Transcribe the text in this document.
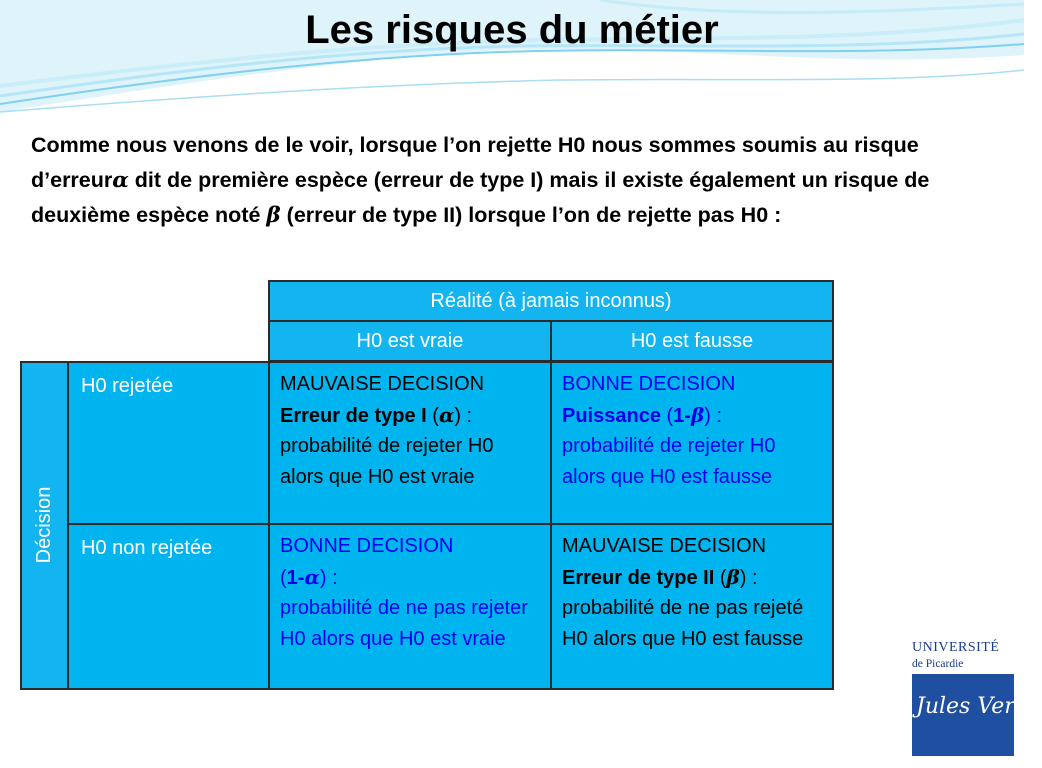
Les risques du métier
Comme nous venons de le voir, lorsque l’on rejette H0 nous sommes soumis au risque d’erreurα dit de première espèce (erreur de type I) mais il existe également un risque de deuxième espèce noté β (erreur de type II) lorsque l’on de rejette pas H0 :
Réalité (à jamais inconnus)
H0 est vraie	H0 est fausse
Décision
H0 rejetée
H0 non rejetée
MAUVAISE DECISION
Erreur de type I (α) :
probabilité de rejeter H0 alors que H0 est vraie
BONNE DECISION
Puissance (1-β) :
probabilité de rejeter H0 alors que H0 est fausse
BONNE DECISION
(1-α) :
probabilité de ne pas rejeter H0 alors que H0 est vraie
MAUVAISE DECISION
Erreur de type II (β) :
probabilité de ne pas rejeté H0 alors que H0 est fausse	UNIVERSITÉ
de Picardie
Jules Verne
